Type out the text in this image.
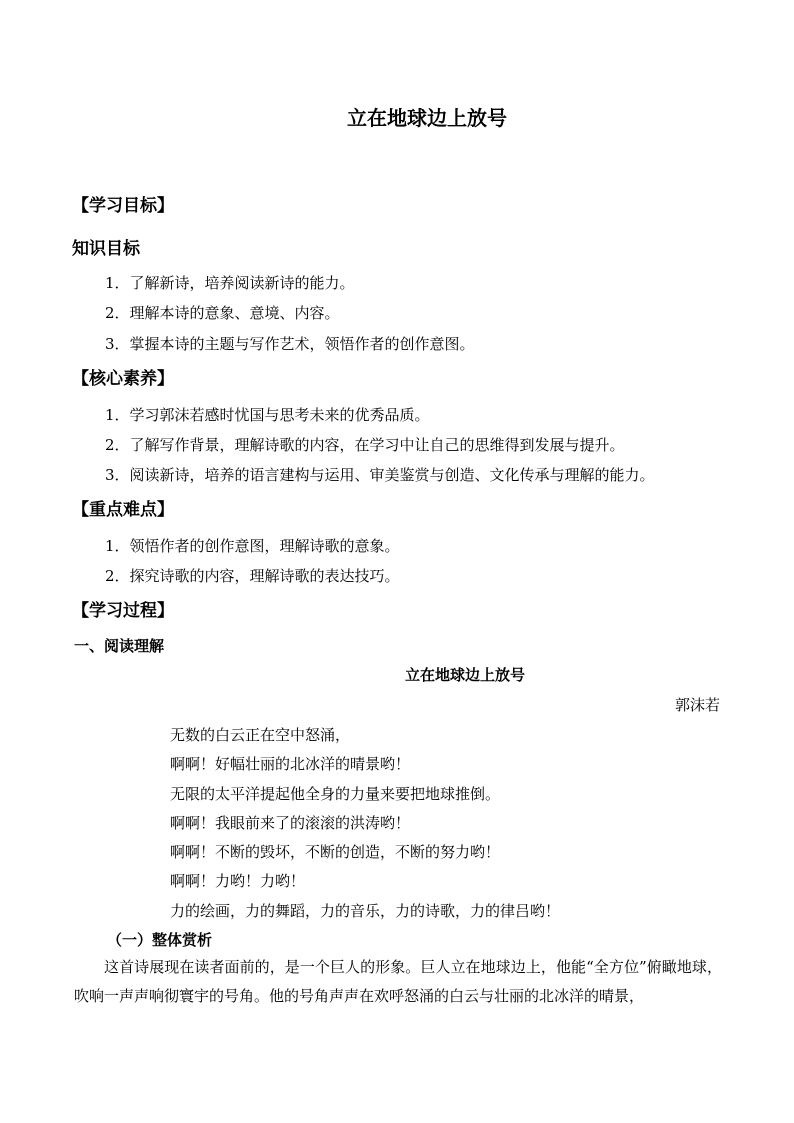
立在地球边上放号
【学习目标】
知识目标
1．了解新诗，培养阅读新诗的能力。
2．理解本诗的意象、意境、内容。
3．掌握本诗的主题与写作艺术，领悟作者的创作意图。
【核心素养】
1．学习郭沫若感时忧国与思考未来的优秀品质。
2．了解写作背景，理解诗歌的内容，在学习中让自己的思维得到发展与提升。
3．阅读新诗，培养的语言建构与运用、审美鉴赏与创造、文化传承与理解的能力。
【重点难点】
1．领悟作者的创作意图，理解诗歌的意象。
2．探究诗歌的内容，理解诗歌的表达技巧。
【学习过程】
一、阅读理解
立在地球边上放号
郭沫若
无数的白云正在空中怒涌，
啊啊！好幅壮丽的北冰洋的晴景哟！
无限的太平洋提起他全身的力量来要把地球推倒。
啊啊！我眼前来了的滚滚的洪涛哟！
啊啊！不断的毁坏，不断的创造，不断的努力哟！
啊啊！力哟！力哟！
力的绘画，力的舞蹈，力的音乐，力的诗歌，力的律吕哟！
（一）整体赏析
这首诗展现在读者面前的，是一个巨人的形象。巨人立在地球边上，他能“全方位”俯瞰地球，吹响一声声响彻寰宇的号角。他的号角声声在欢呼怒涌的白云与壮丽的北冰洋的晴景，
